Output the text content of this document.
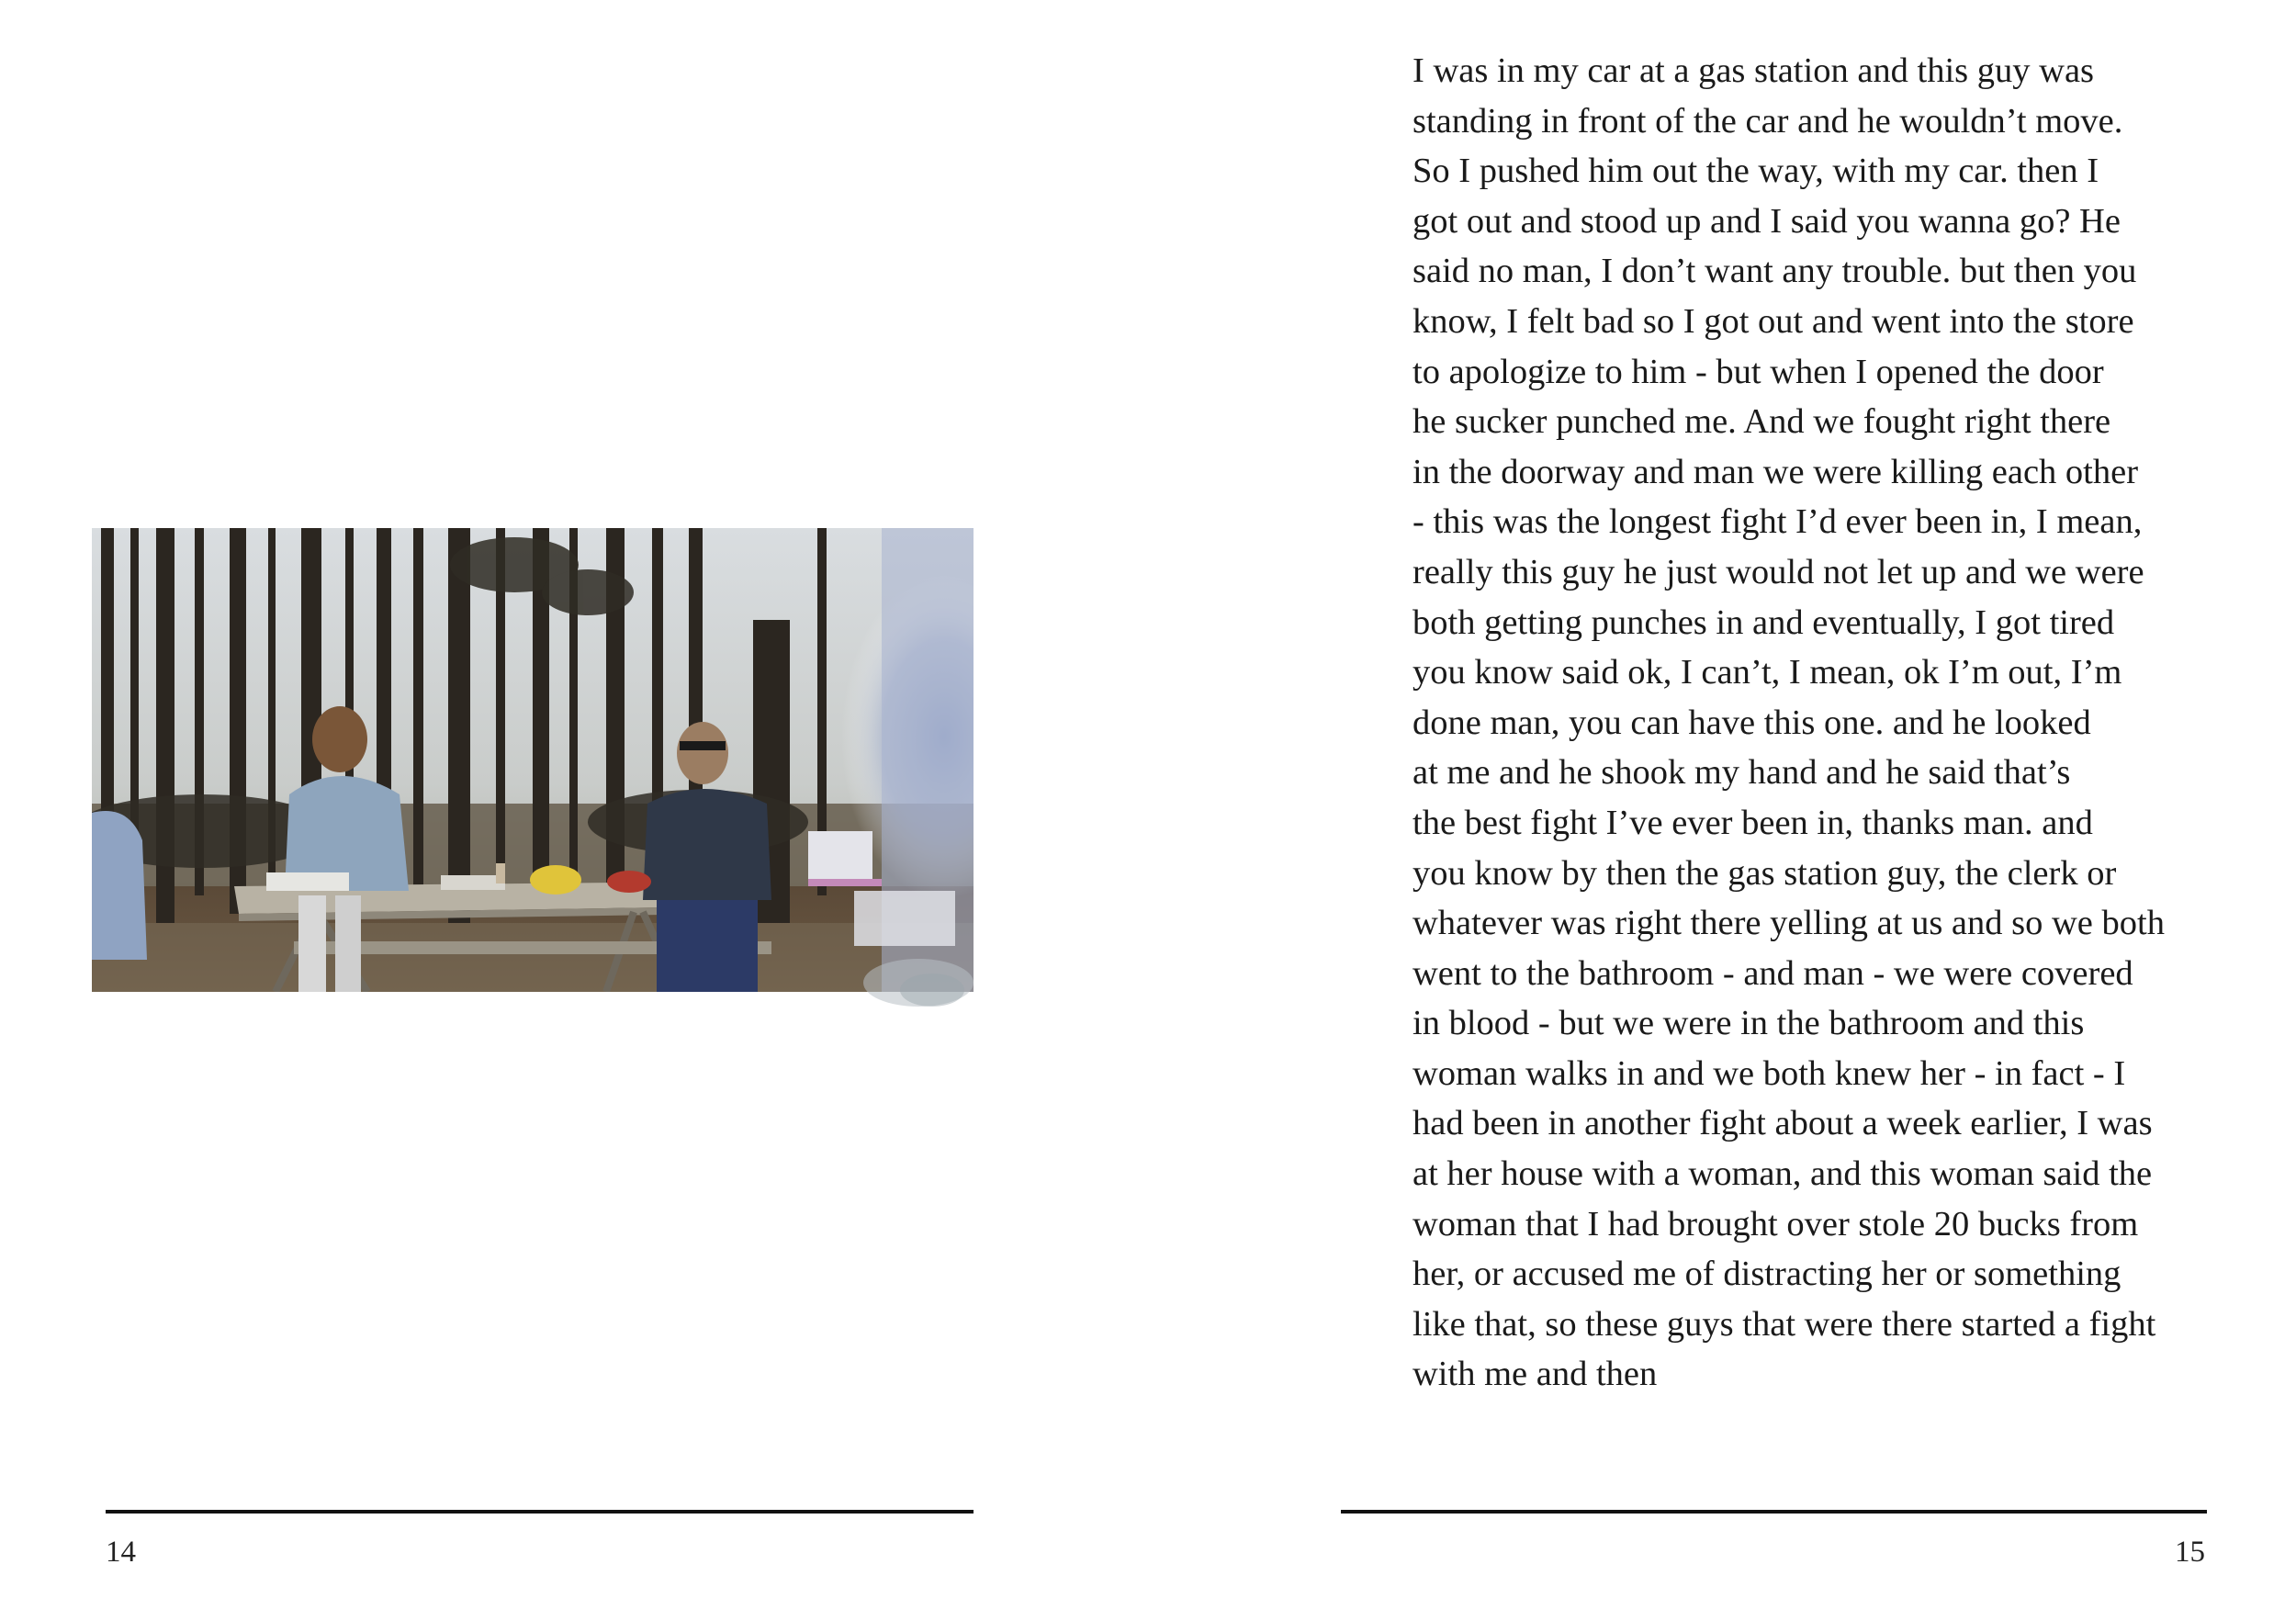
14

I was in my car at a gas station and this guy was
standing in front of the car and he wouldn’t move.
So I pushed him out the way, with my car. then I
got out and stood up and I said you wanna go? He
said no man, I don’t want any trouble. but then you
know, I felt bad so I got out and went into the store
to apologize to him - but when I opened the door
he sucker punched me. And we fought right there
in the doorway and man we were killing each other
- this was the longest fight I’d ever been in, I mean,
really this guy he just would not let up and we were
both getting punches in and eventually, I got tired
you know said ok, I can’t, I mean, ok I’m out, I’m
done man, you can have this one. and he looked
at me and he shook my hand and he said that’s
the best fight I’ve ever been in, thanks man. and
you know by then the gas station guy, the clerk or
whatever was right there yelling at us and so we both
went to the bathroom - and man - we were covered
in blood - but we were in the bathroom and this
woman walks in and we both knew her - in fact - I
had been in another fight about a week earlier, I was
at her house with a woman, and this woman said the
woman that I had brought over stole 20 bucks from
her, or accused me of distracting her or something
like that, so these guys that were there started a fight
with me and then

15
